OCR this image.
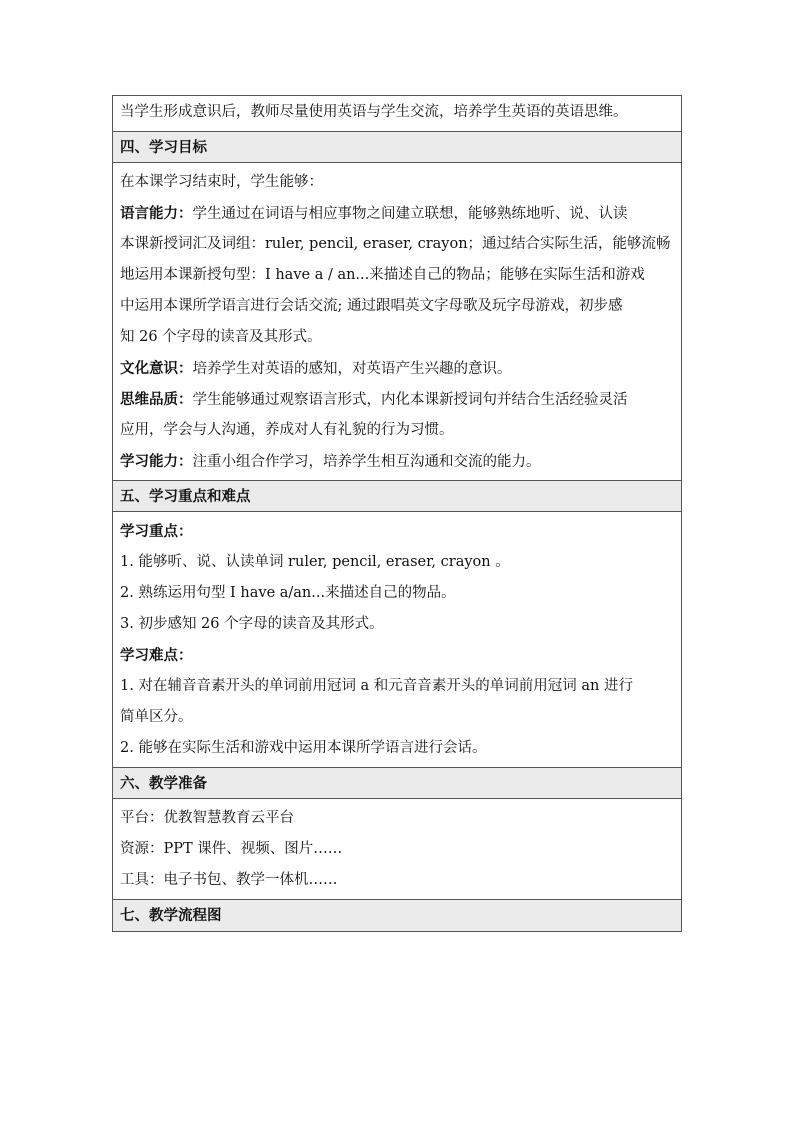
当学生形成意识后，教师尽量使用英语与学生交流，培养学生英语的英语思维。
四、学习目标
在本课学习结束时，学生能够：
语言能力：学生通过在词语与相应事物之间建立联想，能够熟练地听、说、认读
本课新授词汇及词组：ruler, pencil, eraser, crayon；通过结合实际生活，能够流畅
地运用本课新授句型：I have a / an...来描述自己的物品；能够在实际生活和游戏
中运用本课所学语言进行会话交流; 通过跟唱英文字母歌及玩字母游戏，初步感
知 26 个字母的读音及其形式。
文化意识：培养学生对英语的感知，对英语产生兴趣的意识。
思维品质：学生能够通过观察语言形式，内化本课新授词句并结合生活经验灵活
应用，学会与人沟通，养成对人有礼貌的行为习惯。
学习能力：注重小组合作学习，培养学生相互沟通和交流的能力。
五、学习重点和难点
学习重点：
1. 能够听、说、认读单词 ruler, pencil, eraser, crayon 。
2. 熟练运用句型 I have a/an...来描述自己的物品。
3. 初步感知 26 个字母的读音及其形式。
学习难点：
1. 对在辅音音素开头的单词前用冠词 a 和元音音素开头的单词前用冠词 an 进行
简单区分。
2. 能够在实际生活和游戏中运用本课所学语言进行会话。
六、教学准备
平台：优教智慧教育云平台
资源：PPT 课件、视频、图片……
工具：电子书包、教学一体机……
七、教学流程图
